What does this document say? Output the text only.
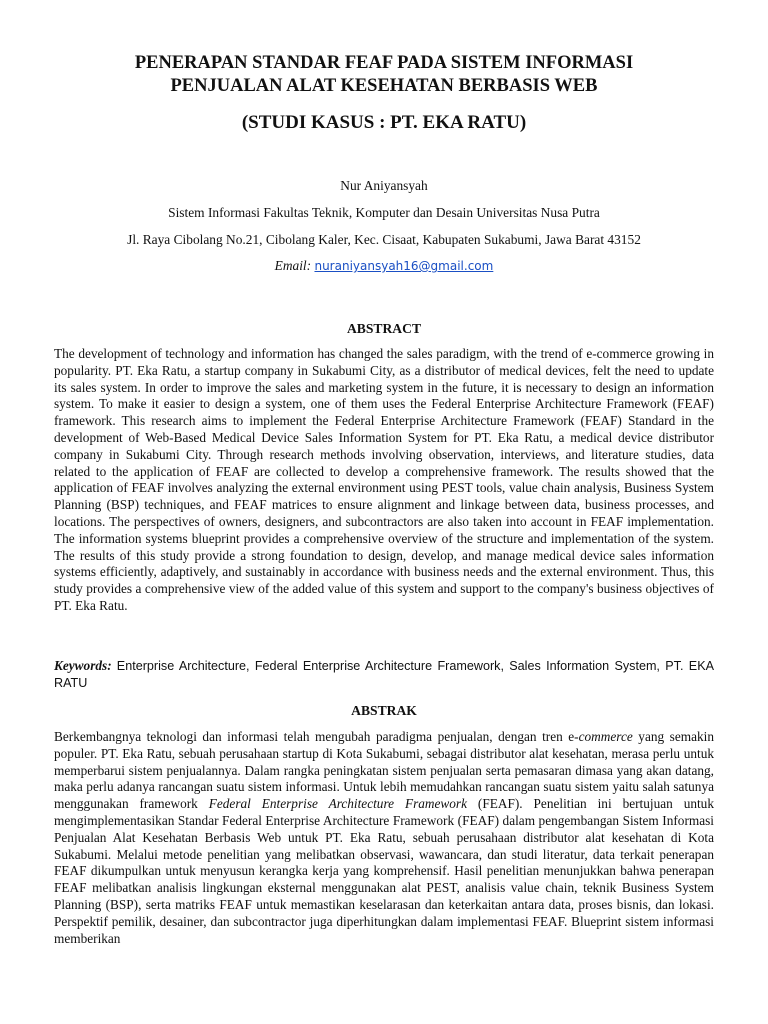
PENERAPAN STANDAR FEAF PADA SISTEM INFORMASI
PENJUALAN ALAT KESEHATAN BERBASIS WEB
(STUDI KASUS : PT. EKA RATU)
Nur Aniyansyah
Sistem Informasi Fakultas Teknik, Komputer dan Desain Universitas Nusa Putra
Jl. Raya Cibolang No.21, Cibolang Kaler, Kec. Cisaat, Kabupaten Sukabumi, Jawa Barat 43152
Email: nuraniyansyah16@gmail.com
ABSTRACT

The development of technology and information has changed the sales paradigm, with the trend of e-commerce growing in popularity. PT. Eka Ratu, a startup company in Sukabumi City, as a distributor of medical devices, felt the need to update its sales system. In order to improve the sales and marketing system in the future, it is necessary to design an information system. To make it easier to design a system, one of them uses the Federal Enterprise Architecture Framework (FEAF) framework. This research aims to implement the Federal Enterprise Architecture Framework (FEAF) Standard in the development of Web-Based Medical Device Sales Information System for PT. Eka Ratu, a medical device distributor company in Sukabumi City. Through research methods involving observation, interviews, and literature studies, data related to the application of FEAF are collected to develop a comprehensive framework. The results showed that the application of FEAF involves analyzing the external environment using PEST tools, value chain analysis, Business System Planning (BSP) techniques, and FEAF matrices to ensure alignment and linkage between data, business processes, and locations. The perspectives of owners, designers, and subcontractors are also taken into account in FEAF implementation. The information systems blueprint provides a comprehensive overview of the structure and implementation of the system. The results of this study provide a strong foundation to design, develop, and manage medical device sales information systems efficiently, adaptively, and sustainably in accordance with business needs and the external environment. Thus, this study provides a comprehensive view of the added value of this system and support to the company's business objectives of PT. Eka Ratu.

Keywords: Enterprise Architecture, Federal Enterprise Architecture Framework, Sales Information System, PT. EKA RATU

ABSTRAK

Berkembangnya teknologi dan informasi telah mengubah paradigma penjualan, dengan tren e-commerce yang semakin populer. PT. Eka Ratu, sebuah perusahaan startup di Kota Sukabumi, sebagai distributor alat kesehatan, merasa perlu untuk memperbarui sistem penjualannya. Dalam rangka peningkatan sistem penjualan serta pemasaran dimasa yang akan datang, maka perlu adanya rancangan suatu sistem informasi. Untuk lebih memudahkan rancangan suatu sistem yaitu salah satunya menggunakan framework Federal Enterprise Architecture Framework (FEAF). Penelitian ini bertujuan untuk mengimplementasikan Standar Federal Enterprise Architecture Framework (FEAF) dalam pengembangan Sistem Informasi Penjualan Alat Kesehatan Berbasis Web untuk PT. Eka Ratu, sebuah perusahaan distributor alat kesehatan di Kota Sukabumi. Melalui metode penelitian yang melibatkan observasi, wawancara, dan studi literatur, data terkait penerapan FEAF dikumpulkan untuk menyusun kerangka kerja yang komprehensif. Hasil penelitian menunjukkan bahwa penerapan FEAF melibatkan analisis lingkungan eksternal menggunakan alat PEST, analisis value chain, teknik Business System Planning (BSP), serta matriks FEAF untuk memastikan keselarasan dan keterkaitan antara data, proses bisnis, dan lokasi. Perspektif pemilik, desainer, dan subcontractor juga diperhitungkan dalam implementasi FEAF. Blueprint sistem informasi memberikan
